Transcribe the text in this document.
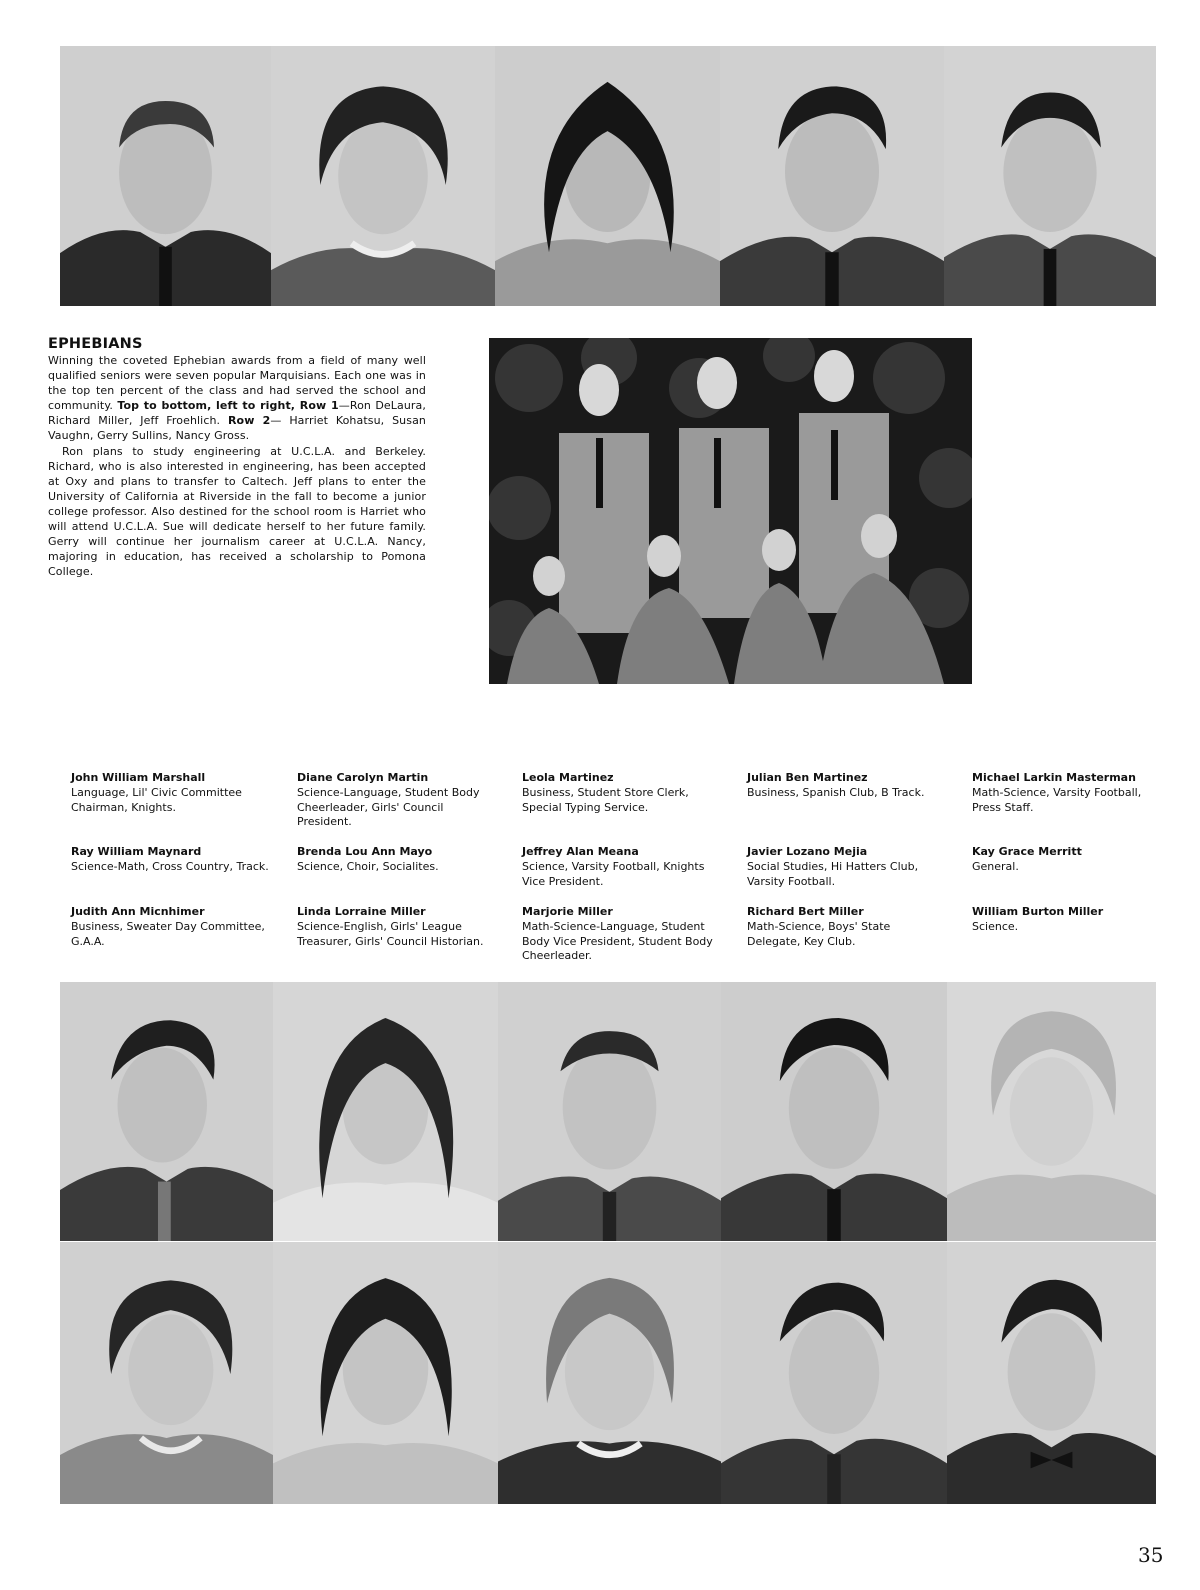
EPHEBIANS

Winning the coveted Ephebian awards from a field of many well qualified seniors were seven popular Marquisians. Each one was in the top ten percent of the class and had served the school and community. Top to bottom, left to right, Row 1—Ron DeLaura, Richard Miller, Jeff Froehlich. Row 2— Harriet Kohatsu, Susan Vaughn, Gerry Sullins, Nancy Gross.

Ron plans to study engineering at U.C.L.A. and Berkeley. Richard, who is also interested in engineering, has been accepted at Oxy and plans to transfer to Caltech. Jeff plans to enter the University of California at Riverside in the fall to become a junior college professor. Also destined for the school room is Harriet who will attend U.C.L.A. Sue will dedicate herself to her future family. Gerry will continue her journalism career at U.C.L.A. Nancy, majoring in education, has received a scholarship to Pomona College.

John William Marshall
Language, Lil' Civic Committee Chairman, Knights.
Ray William Maynard
Science-Math, Cross Country, Track.
Judith Ann Micnhimer
Business, Sweater Day Committee, G.A.A.
Diane Carolyn Martin
Science-Language, Student Body Cheerleader, Girls' Council President.
Brenda Lou Ann Mayo
Science, Choir, Socialites.
Linda Lorraine Miller
Science-English, Girls' League Treasurer, Girls' Council Historian.
Leola Martinez
Business, Student Store Clerk, Special Typing Service.
Jeffrey Alan Meana
Science, Varsity Football, Knights Vice President.
Marjorie Miller
Math-Science-Language, Student Body Vice President, Student Body Cheerleader.
Julian Ben Martinez
Business, Spanish Club, B Track.
Javier Lozano Mejia
Social Studies, Hi Hatters Club, Varsity Football.
Richard Bert Miller
Math-Science, Boys' State Delegate, Key Club.
Michael Larkin Masterman
Math-Science, Varsity Football, Press Staff.
Kay Grace Merritt
General.
William Burton Miller
Science.
35
